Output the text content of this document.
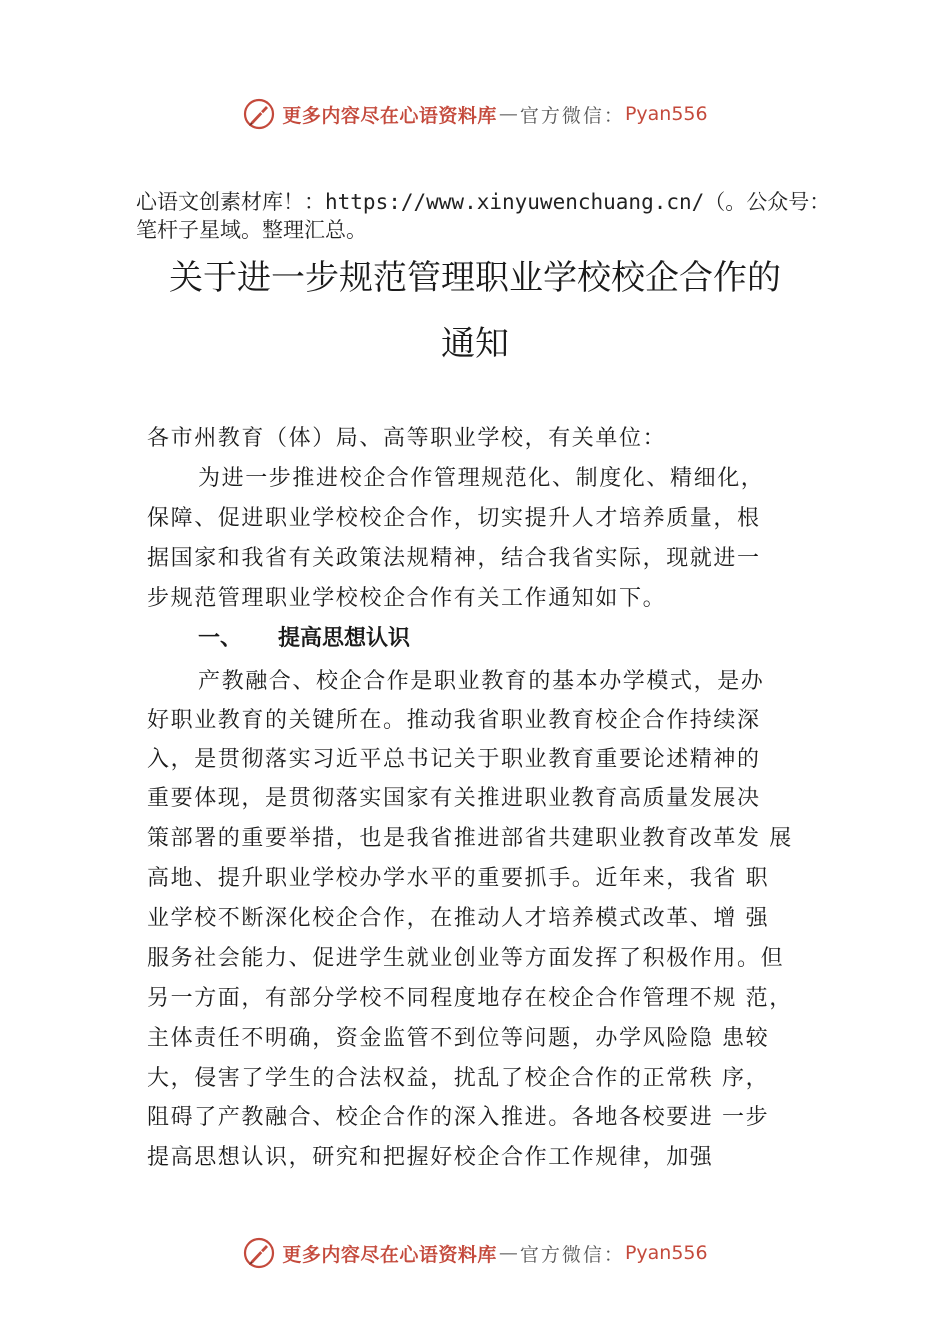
更多内容尽在心语资料库 — 官方微信： Pyan556
心语文创素材库！：https://www.xinyuwenchuang.cn/（。公众号：笔杆子星域。整理汇总。
关于进一步规范管理职业学校校企合作的
通知
各市州教育（体）局、高等职业学校，有关单位：
为进一步推进校企合作管理规范化、制度化、精细化，
保障、促进职业学校校企合作，切实提升人才培养质量，根
据国家和我省有关政策法规精神，结合我省实际，现就进一
步规范管理职业学校校企合作有关工作通知如下。
一、 提高思想认识
产教融合、校企合作是职业教育的基本办学模式，是办
好职业教育的关键所在。推动我省职业教育校企合作持续深
入，是贯彻落实习近平总书记关于职业教育重要论述精神的
重要体现，是贯彻落实国家有关推进职业教育高质量发展决
策部署的重要举措，也是我省推进部省共建职业教育改革发 展
高地、提升职业学校办学水平的重要抓手。近年来，我省 职
业学校不断深化校企合作，在推动人才培养模式改革、增 强
服务社会能力、促进学生就业创业等方面发挥了积极作用。但
另一方面，有部分学校不同程度地存在校企合作管理不规 范，
主体责任不明确，资金监管不到位等问题，办学风险隐 患较
大，侵害了学生的合法权益，扰乱了校企合作的正常秩 序，
阻碍了产教融合、校企合作的深入推进。各地各校要进 一步
提高思想认识，研究和把握好校企合作工作规律，加强
更多内容尽在心语资料库 — 官方微信： Pyan556
